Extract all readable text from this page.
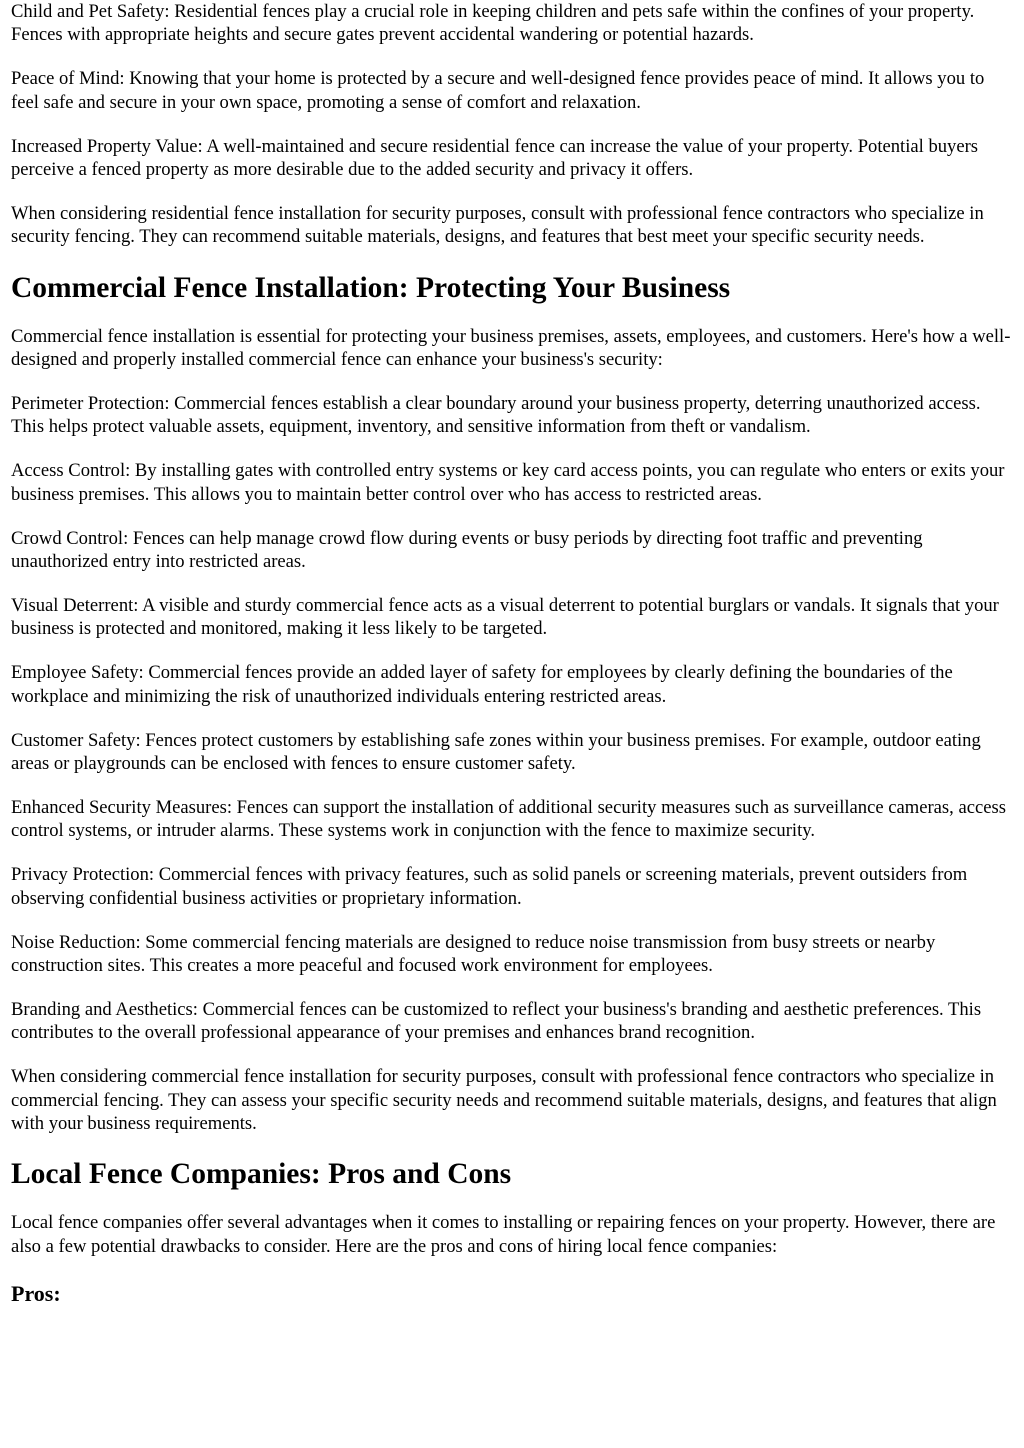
Child and Pet Safety: Residential fences play a crucial role in keeping children and pets safe within the confines of your property. Fences with appropriate heights and secure gates prevent accidental wandering or potential hazards.

Peace of Mind: Knowing that your home is protected by a secure and well-designed fence provides peace of mind. It allows you to feel safe and secure in your own space, promoting a sense of comfort and relaxation.

Increased Property Value: A well-maintained and secure residential fence can increase the value of your property. Potential buyers perceive a fenced property as more desirable due to the added security and privacy it offers.

When considering residential fence installation for security purposes, consult with professional fence contractors who specialize in security fencing. They can recommend suitable materials, designs, and features that best meet your specific security needs.

Commercial Fence Installation: Protecting Your Business

Commercial fence installation is essential for protecting your business premises, assets, employees, and customers. Here's how a well-designed and properly installed commercial fence can enhance your business's security:

Perimeter Protection: Commercial fences establish a clear boundary around your business property, deterring unauthorized access. This helps protect valuable assets, equipment, inventory, and sensitive information from theft or vandalism.

Access Control: By installing gates with controlled entry systems or key card access points, you can regulate who enters or exits your business premises. This allows you to maintain better control over who has access to restricted areas.

Crowd Control: Fences can help manage crowd flow during events or busy periods by directing foot traffic and preventing unauthorized entry into restricted areas.

Visual Deterrent: A visible and sturdy commercial fence acts as a visual deterrent to potential burglars or vandals. It signals that your business is protected and monitored, making it less likely to be targeted.

Employee Safety: Commercial fences provide an added layer of safety for employees by clearly defining the boundaries of the workplace and minimizing the risk of unauthorized individuals entering restricted areas.

Customer Safety: Fences protect customers by establishing safe zones within your business premises. For example, outdoor eating areas or playgrounds can be enclosed with fences to ensure customer safety.

Enhanced Security Measures: Fences can support the installation of additional security measures such as surveillance cameras, access control systems, or intruder alarms. These systems work in conjunction with the fence to maximize security.

Privacy Protection: Commercial fences with privacy features, such as solid panels or screening materials, prevent outsiders from observing confidential business activities or proprietary information.

Noise Reduction: Some commercial fencing materials are designed to reduce noise transmission from busy streets or nearby construction sites. This creates a more peaceful and focused work environment for employees.

Branding and Aesthetics: Commercial fences can be customized to reflect your business's branding and aesthetic preferences. This contributes to the overall professional appearance of your premises and enhances brand recognition.

When considering commercial fence installation for security purposes, consult with professional fence contractors who specialize in commercial fencing. They can assess your specific security needs and recommend suitable materials, designs, and features that align with your business requirements.

Local Fence Companies: Pros and Cons

Local fence companies offer several advantages when it comes to installing or repairing fences on your property. However, there are also a few potential drawbacks to consider. Here are the pros and cons of hiring local fence companies:

Pros:
